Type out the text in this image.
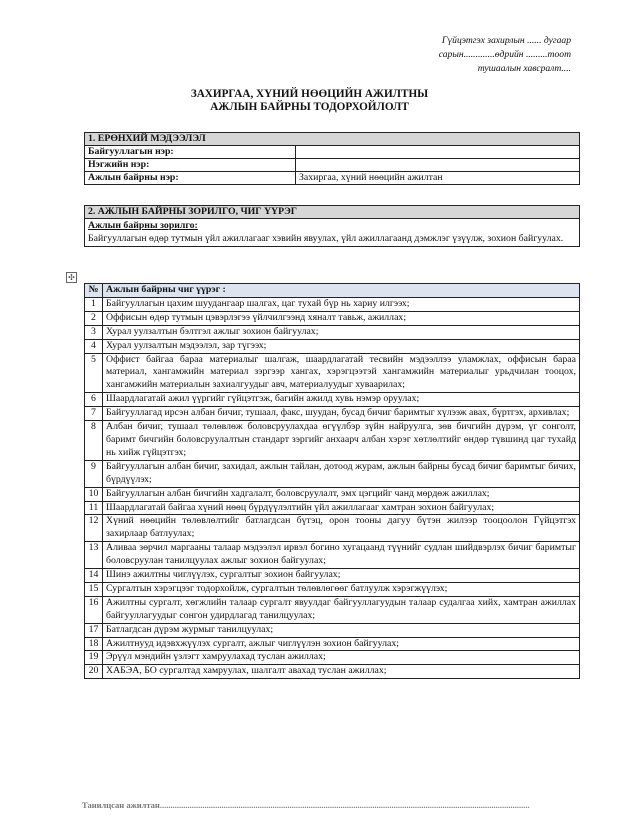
Гүйцэтгэх захирлын ...... дугаар
сарын.............өдрийн .........тоот
тушаалын хавсралт....
ЗАХИРГАА, ХҮНИЙ НӨӨЦИЙН АЖИЛТНЫ
АЖЛЫН БАЙРНЫ ТОДОРХОЙЛОЛТ
1. ЕРӨНХИЙ МЭДЭЭЛЭЛ	
Байгууллагын нэр:	
Нэгжийн нэр:	
Ажлын байрны нэр:	Захиргаа, хүний нөөцийн ажилтан
2. АЖЛЫН БАЙРНЫ ЗОРИЛГО, ЧИГ ҮҮРЭГ

Ажлын байрны зорилго:
Байгууллагын өдөр тутмын үйл ажиллагааг хэвийн явуулах, үйл ажиллагаанд дэмжлэг үзүүлж, зохион байгуулах.
✣
№	Ажлын байрны чиг үүрэг :
1	Байгууллагын цахим шуудангаар шалгах, цаг тухай бүр нь хариу илгээх;
2	Оффисын өдөр тутмын цэвэрлэгээ үйлчилгээнд хяналт тавьж, ажиллах;
3	Хурал уулзалтын бэлтгэл ажлыг зохион байгуулах;
4	Хурал уулзалтын мэдээлэл, зар түгээх;
5	Оффист байгаа бараа материалыг шалгаж, шаардлагатай тесвийн мэдээллээ уламжлах, оффисын бараа материал, хангамжийн материал зэргээр хангах, хэрэгцээтэй хангамжийн материалыг урьдчилан тооцох, хангамжийн материалын захиалгуудыг авч, материалуудыг хуваарилах;
6	Шаардлагатай ажил үүргийг гүйцэтгэж, багийн ажилд хувь нэмэр оруулах;
7	Байгууллагад ирсэн албан бичиг, тушаал, факс, шуудан, бусад бичиг баримтыг хүлээж авах, бүртгэх, архивлах;
8	Албан бичиг, тушаал төлөвлөж боловсруулахдаа өгүүлбэр зүйн найруулга, зөв бичгийн дүрэм, үг сонголт, баримт бичгийн боловсруулалтын стандарт зэргийг анхаарч албан хэрэг хөтлөлтийг өндөр түвшинд цаг тухайд нь хийж гүйцэтгэх;
9	Байгууллагын албан бичиг, захидал, ажлын тайлан, дотоод журам, ажлын байрны бусад бичиг баримтыг бичих, бүрдүүлэх;
10	Байгууллагын албан бичгийн хадгалалт, боловсруулалт, эмх цэгцийг чанд мөрдөж ажиллах;
11	Шаардлагатай байгаа хүний нөөц бүрдүүлэлтийн үйл ажиллагааг хамтран зохион байгуулах;
12	Хүний нөөцийн төлөвлөлтийг батлагдсан бүтэц, орон тооны дагуу бүтэн жилээр тооцоолон Гүйцэтгэх захирлаар батлуулах;
13	Аливаа зөрчил маргааны талаар мэдээлэл ирвэл богино хугацаанд түүнийг судлан шийдвэрлэх бичиг баримтыг боловсруулан танилцуулах ажлыг зохион байгуулах;
14	Шинэ ажилтны чиглүүлэх, сургалтыг зохион байгуулах;
15	Сургалтын хэрэгцээг тодорхойлж, сургалтын төлөвлөгөөг батлуулж хэрэгжүүлэх;
16	Ажилтны сургалт, хөгжлийн талаар сургалт явуулдаг байгууллагуудын талаар судалгаа хийх, хамтран ажиллах байгууллагуудыг сонгон удирдлагад танилцуулах;
17	Батлагдсан дүрэм журмыг танилцуулах;
18	Ажилтнууд идэвхжүүлэх сургалт, ажлыг чиглүүлэн зохион байгуулах;
19	Эрүүл мэндийн үзлэгт хамруулахад туслан ажиллах;
20	ХАБЭА, БО сургалтад хамруулах, шалгалт авахад туслан ажиллах;
Танилцсан ажилтан..............................................................................................................................................................................
